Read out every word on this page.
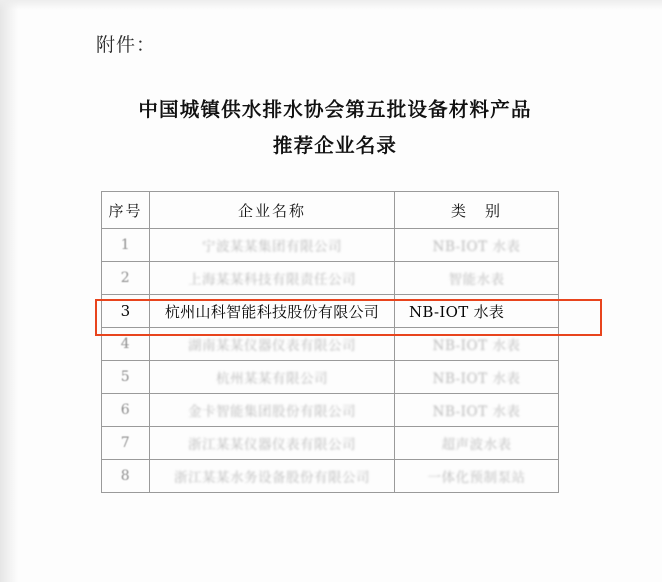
附件：
中国城镇供水排水协会第五批设备材料产品
推荐企业名录
序号	企业名称	类　别
1	宁波某某集团有限公司	NB-IOT 水表
2	上海某某科技有限责任公司	智能水表
3	杭州山科智能科技股份有限公司	NB-IOT 水表
4	湖南某某仪器仪表有限公司	NB-IOT 水表
5	杭州某某有限公司	NB-IOT 水表
6	金卡智能集团股份有限公司	NB-IOT 水表
7	浙江某某仪器仪表有限公司	超声波水表
8	浙江某某水务设备股份有限公司	一体化预制泵站
